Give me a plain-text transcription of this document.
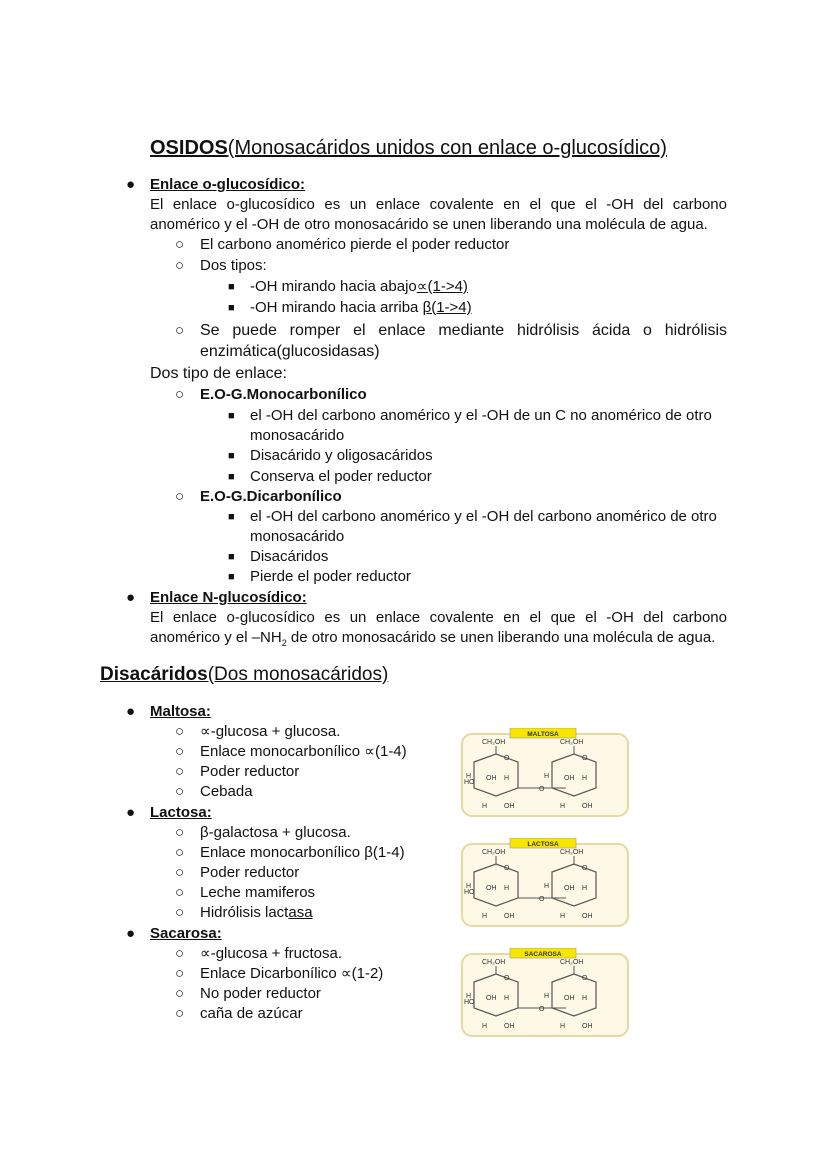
OSIDOS(Monosacáridos unidos con enlace o-glucosídico)
● Enlace o-glucosídico:
El enlace o-glucosídico es un enlace covalente en el que el -OH del carbono
anomérico y el -OH de otro monosacárido se unen liberando una molécula de agua.
○ El carbono anomérico pierde el poder reductor
○ Dos tipos:
■ -OH mirando hacia abajo∝(1->4)
■ -OH mirando hacia arriba β(1->4)
○ Se puede romper el enlace mediante hidrólisis ácida o hidrólisis
enzimática(glucosidasas)
Dos tipo de enlace:
○ E.O-G.Monocarbonílico
■ el -OH del carbono anomérico y el -OH de un C no anomérico de otro
monosacárido
■ Disacárido y oligosacáridos
■ Conserva el poder reductor
○ E.O-G.Dicarbonílico
■ el -OH del carbono anomérico y el -OH del carbono anomérico de otro
monosacárido
■ Disacáridos
■ Pierde el poder reductor
● Enlace N-glucosídico:
El enlace o-glucosídico es un enlace covalente en el que el -OH del carbono
anomérico y el $-NH_2$ de otro monosacárido se unen liberando una molécula de agua.
Disacáridos(Dos monosacáridos)
● Maltosa:
○ ∝-glucosa + glucosa.
○ Enlace monocarbonílico ∝(1-4)
○ Poder reductor
○ Cebada
MALTOSA
CH₂OH
O
H OH H
H OH
CH₂OH
O
H OH H
H OH
O
HO
● Lactosa:
○ β-galactosa + glucosa.
○ Enlace monocarbonílico β(1-4)
○ Poder reductor
○ Leche mamiferos
○ Hidrólisis lactasa
LACTOSA
CH₂OH
O
H OH H
H OH
CH₂OH
O
H OH H
H OH
O
HO
● Sacarosa:
○ ∝-glucosa + fructosa.
○ Enlace Dicarbonílico ∝(1-2)
○ No poder reductor
○ caña de azúcar
SACAROSA
CH₂OH
O
H OH H
H OH
CH₂OH
O
H OH H
H OH
O
HO
